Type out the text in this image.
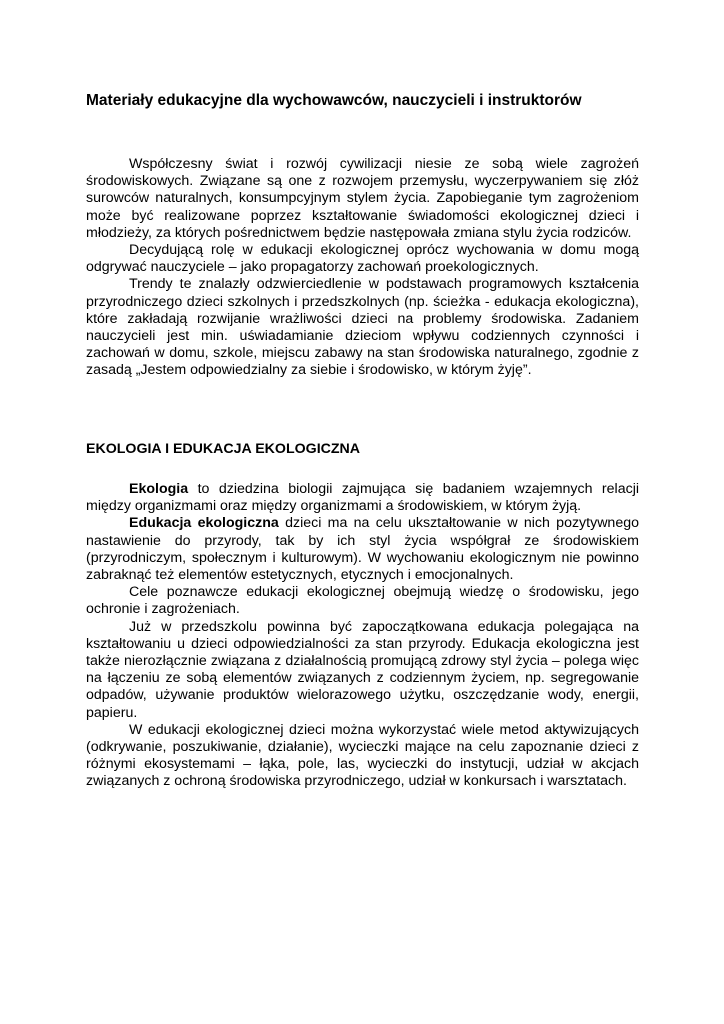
Materiały edukacyjne dla wychowawców, nauczycieli i instruktorów

Współczesny świat i rozwój cywilizacji niesie ze sobą wiele zagrożeń środowiskowych. Związane są one z rozwojem przemysłu, wyczerpywaniem się złóż surowców naturalnych, konsumpcyjnym stylem życia. Zapobieganie tym zagrożeniom może być realizowane poprzez kształtowanie świadomości ekologicznej dzieci i młodzieży, za których pośrednictwem będzie następowała zmiana stylu życia rodziców.

Decydującą rolę w edukacji ekologicznej oprócz wychowania w domu mogą odgrywać nauczyciele – jako propagatorzy zachowań proekologicznych.

Trendy te znalazły odzwierciedlenie w podstawach programowych kształcenia przyrodniczego dzieci szkolnych i przedszkolnych (np. ścieżka - edukacja ekologiczna), które zakładają rozwijanie wrażliwości dzieci na problemy środowiska. Zadaniem nauczycieli jest min. uświadamianie dzieciom wpływu codziennych czynności i zachowań w domu, szkole, miejscu zabawy na stan środowiska naturalnego, zgodnie z zasadą „Jestem odpowiedzialny za siebie i środowisko, w którym żyję”.

EKOLOGIA I EDUKACJA EKOLOGICZNA

Ekologia to dziedzina biologii zajmująca się badaniem wzajemnych relacji między organizmami oraz między organizmami a środowiskiem, w którym żyją.

Edukacja ekologiczna dzieci ma na celu ukształtowanie w nich pozytywnego nastawienie do przyrody, tak by ich styl życia współgrał ze środowiskiem (przyrodniczym, społecznym i kulturowym). W wychowaniu ekologicznym nie powinno zabraknąć też elementów estetycznych, etycznych i emocjonalnych.

Cele poznawcze edukacji ekologicznej obejmują wiedzę o środowisku, jego ochronie i zagrożeniach.

Już w przedszkolu powinna być zapoczątkowana edukacja polegająca na kształtowaniu u dzieci odpowiedzialności za stan przyrody. Edukacja ekologiczna jest także nierozłącznie związana z działalnością promującą zdrowy styl życia – polega więc na łączeniu ze sobą elementów związanych z codziennym życiem, np. segregowanie odpadów, używanie produktów wielorazowego użytku, oszczędzanie wody, energii, papieru.

W edukacji ekologicznej dzieci można wykorzystać wiele metod aktywizujących (odkrywanie, poszukiwanie, działanie), wycieczki mające na celu zapoznanie dzieci z różnymi ekosystemami – łąka, pole, las, wycieczki do instytucji, udział w akcjach związanych z ochroną środowiska przyrodniczego, udział w konkursach i warsztatach.
